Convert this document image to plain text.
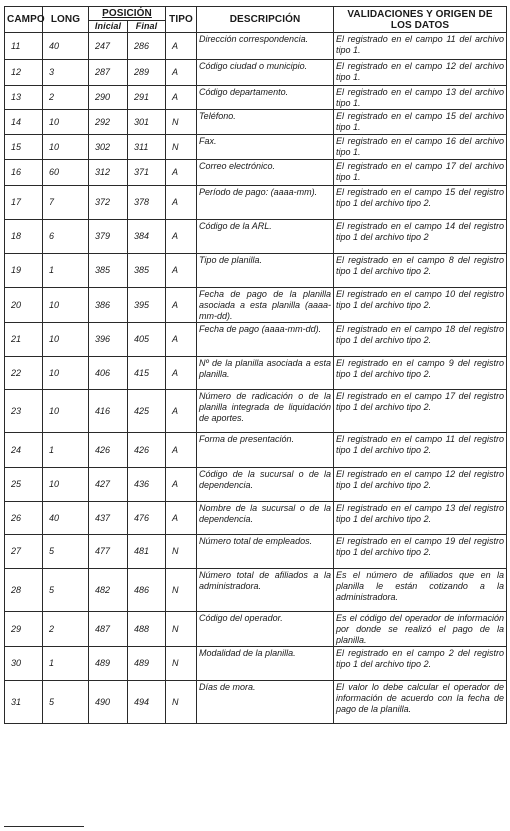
CAMPO	LONG	POSICIÓN		TIPO	DESCRIPCIÓN	VALIDACIONES Y ORIGEN DE LOS DATOS
		Inicial	Final			
11	40	247	286	A	Dirección correspondencia.	El registrado en el campo 11 del archivo tipo 1.
12	3	287	289	A	Código ciudad o municipio.	El registrado en el campo 12 del archivo tipo 1.
13	2	290	291	A	Código departamento.	El registrado en el campo 13 del archivo tipo 1.
14	10	292	301	N	Teléfono.	El registrado en el campo 15 del archivo tipo 1.
15	10	302	311	N	Fax.	El registrado en el campo 16 del archivo tipo 1.
16	60	312	371	A	Correo electrónico.	El registrado en el campo 17 del archivo tipo 1.
17	7	372	378	A	Período de pago: (aaaa-mm).	El registrado en el campo 15 del registro tipo 1 del archivo tipo 2.
18	6	379	384	A	Código de la ARL.	El registrado en el campo 14 del registro tipo 1 del archivo tipo 2
19	1	385	385	A	Tipo de planilla.	El registrado en el campo 8 del registro tipo 1 del archivo tipo 2.
20	10	386	395	A	Fecha de pago de la planilla asociada a esta planilla (aaaa-mm-dd).	El registrado en el campo 10 del registro tipo 1 del archivo tipo 2.
21	10	396	405	A	Fecha de pago (aaaa-mm-dd).	El registrado en el campo 18 del registro tipo 1 del archivo tipo 2.
22	10	406	415	A	Nº de la planilla asociada a esta planilla.	El registrado en el campo 9 del registro tipo 1 del archivo tipo 2.
23	10	416	425	A	Número de radicación o de la planilla integrada de liquidación de aportes.	El registrado en el campo 17 del registro tipo 1 del archivo tipo 2.
24	1	426	426	A	Forma de presentación.	El registrado en el campo 11 del registro tipo 1 del archivo tipo 2.
25	10	427	436	A	Código de la sucursal o de la dependencia.	El registrado en el campo 12 del registro tipo 1 del archivo tipo 2.
26	40	437	476	A	Nombre de la sucursal o de la dependencia.	El registrado en el campo 13 del registro tipo 1 del archivo tipo 2.
27	5	477	481	N	Número total de empleados.	El registrado en el campo 19 del registro tipo 1 del archivo tipo 2.
28	5	482	486	N	Número total de afiliados a la administradora.	Es el número de afiliados que en la planilla le están cotizando a la administradora.
29	2	487	488	N	Código del operador.	Es el código del operador de información por donde se realizó el pago de la planilla.
30	1	489	489	N	Modalidad de la planilla.	El registrado en el campo 2 del registro tipo 1 del archivo tipo 2.
31	5	490	494	N	Días de mora.	El valor lo debe calcular el operador de información de acuerdo con la fecha de pago de la planilla.
